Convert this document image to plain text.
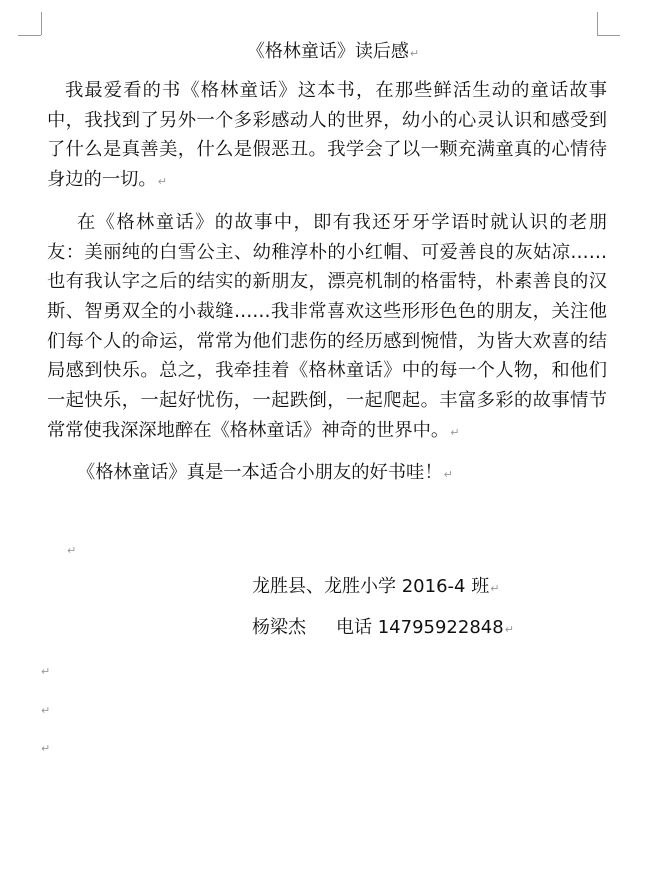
《格林童话》读后感↵

我最爱看的书《格林童话》这本书，在那些鲜活生动的童话故事中，我找到了另外一个多彩感动人的世界，幼小的心灵认识和感受到了什么是真善美，什么是假恶丑。我学会了以一颗充满童真的心情待身边的一切。↵

在《格林童话》的故事中，即有我还牙牙学语时就认识的老朋友：美丽纯的白雪公主、幼稚淳朴的小红帽、可爱善良的灰姑凉……也有我认字之后的结实的新朋友，漂亮机制的格雷特，朴素善良的汉斯、智勇双全的小裁缝……我非常喜欢这些形形色色的朋友，关注他们每个人的命运，常常为他们悲伤的经历感到惋惜，为皆大欢喜的结局感到快乐。总之，我牵挂着《格林童话》中的每一个人物，和他们一起快乐，一起好忧伤，一起跌倒，一起爬起。丰富多彩的故事情节常常使我深深地醉在《格林童话》神奇的世界中。↵

《格林童话》真是一本适合小朋友的好书哇！↵

龙胜县、龙胜小学 2016-4 班↵
杨梁杰 电话 14795922848↵
↵
↵
↵
↵
